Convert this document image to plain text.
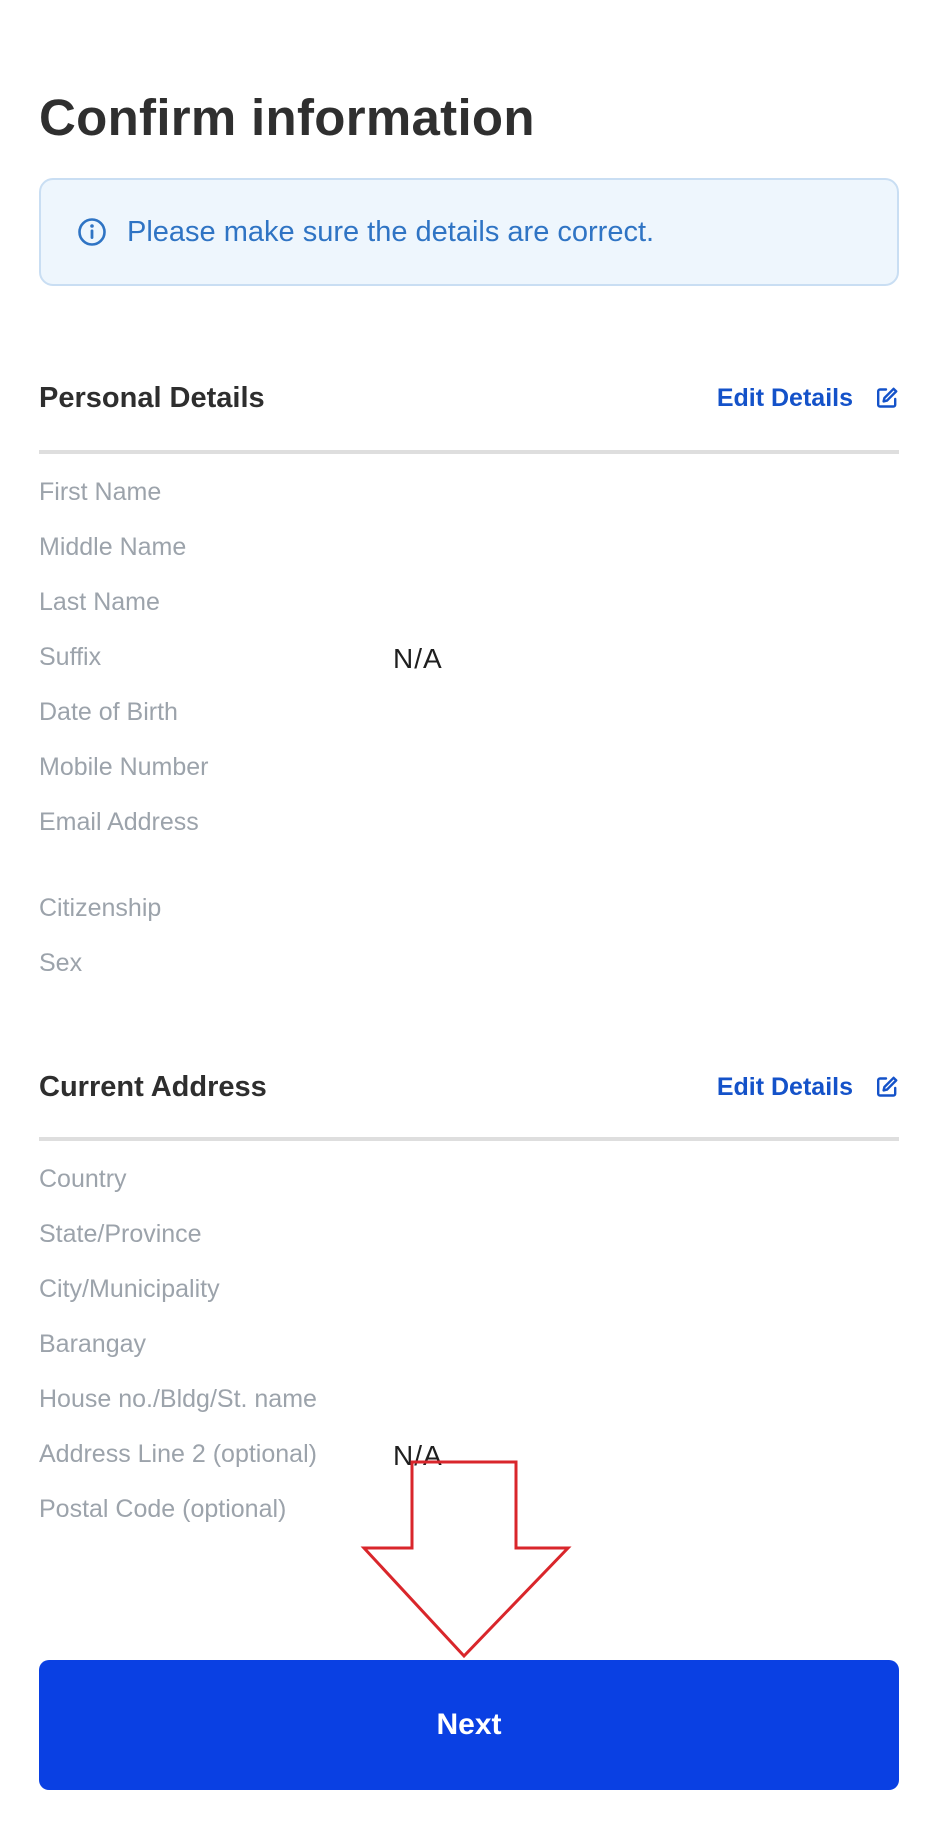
Confirm information
Please make sure the details are correct.
Personal Details	Edit Details
First Name
Middle Name
Last Name
Suffix	N/A
Date of Birth
Mobile Number
Email Address
Citizenship
Sex
Current Address	Edit Details
Country
State/Province
City/Municipality
Barangay
House no./Bldg/St. name
Address Line 2 (optional)	N/A
Postal Code (optional)
Next
